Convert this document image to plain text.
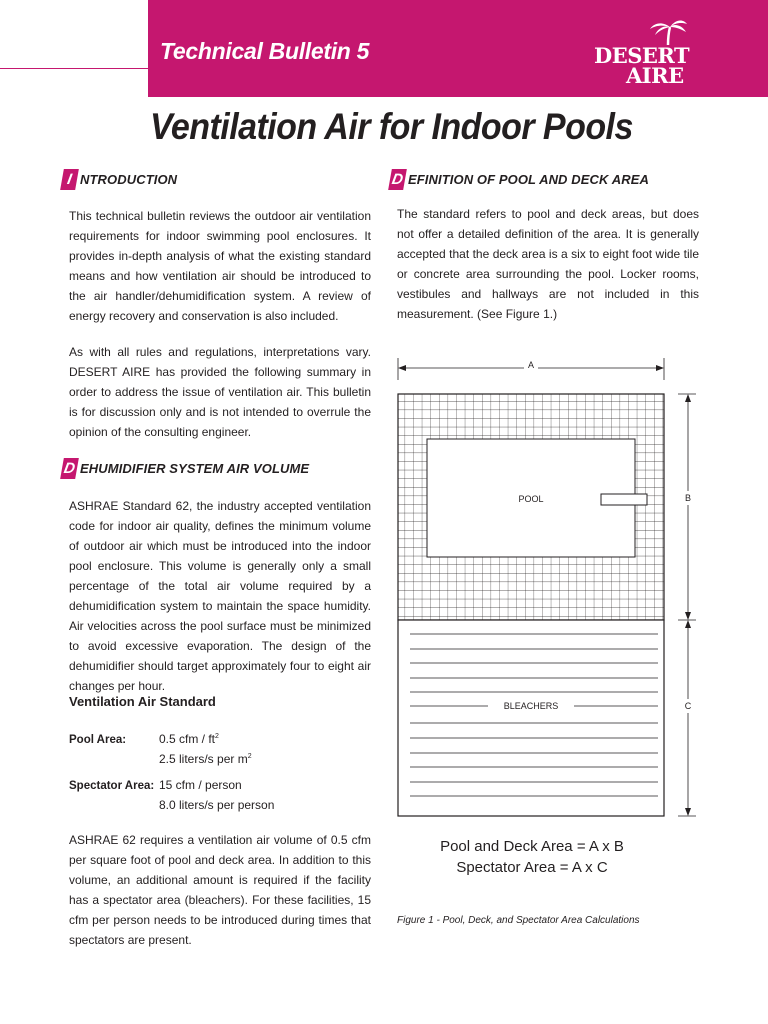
Technical Bulletin 5	DESERT
AIRE
Ventilation Air for Indoor Pools
I NTRODUCTION

This technical bulletin reviews the outdoor air ventilation requirements for indoor swimming pool enclosures. It provides in-depth analysis of what the existing standard means and how ventilation air should be introduced to the air handler/dehumidification system. A review of energy recovery and conservation is also included.

As with all rules and regulations, interpretations vary. DESERT AIRE has provided the following summary in order to address the issue of ventilation air. This bulletin is for discussion only and is not intended to overrule the opinion of the consulting engineer.

D EHUMIDIFIER SYSTEM AIR VOLUME

ASHRAE Standard 62, the industry accepted ventilation code for indoor air quality, defines the minimum volume of outdoor air which must be introduced into the indoor pool enclosure. This volume is generally only a small percentage of the total air volume required by a dehumidification system to maintain the space humidity. Air velocities across the pool surface must be minimized to avoid excessive evaporation. The design of the dehumidifier should target approximately four to eight air changes per hour.

Ventilation Air Standard
Pool Area:	0.5 cfm / $ft^2$
2.5 liters/s per $m^2$
Spectator Area: 15 cfm / person
8.0 liters/s per person

ASHRAE 62 requires a ventilation air volume of 0.5 cfm per square foot of pool and deck area. In addition to this volume, an additional amount is required if the facility has a spectator area (bleachers). For these facilities, 15 cfm per person needs to be introduced during times that spectators are present.

D EFINITION OF POOL AND DECK AREA

The standard refers to pool and deck areas, but does not offer a detailed definition of the area. It is generally accepted that the deck area is a six to eight foot wide tile or concrete area surrounding the pool. Locker rooms, vestibules and hallways are not included in this measurement. (See Figure 1.)

A
POOL
BLEACHERS
B
C
Pool and Deck Area = A x B
Spectator Area = A x C
Figure 1 - Pool, Deck, and Spectator Area Calculations
